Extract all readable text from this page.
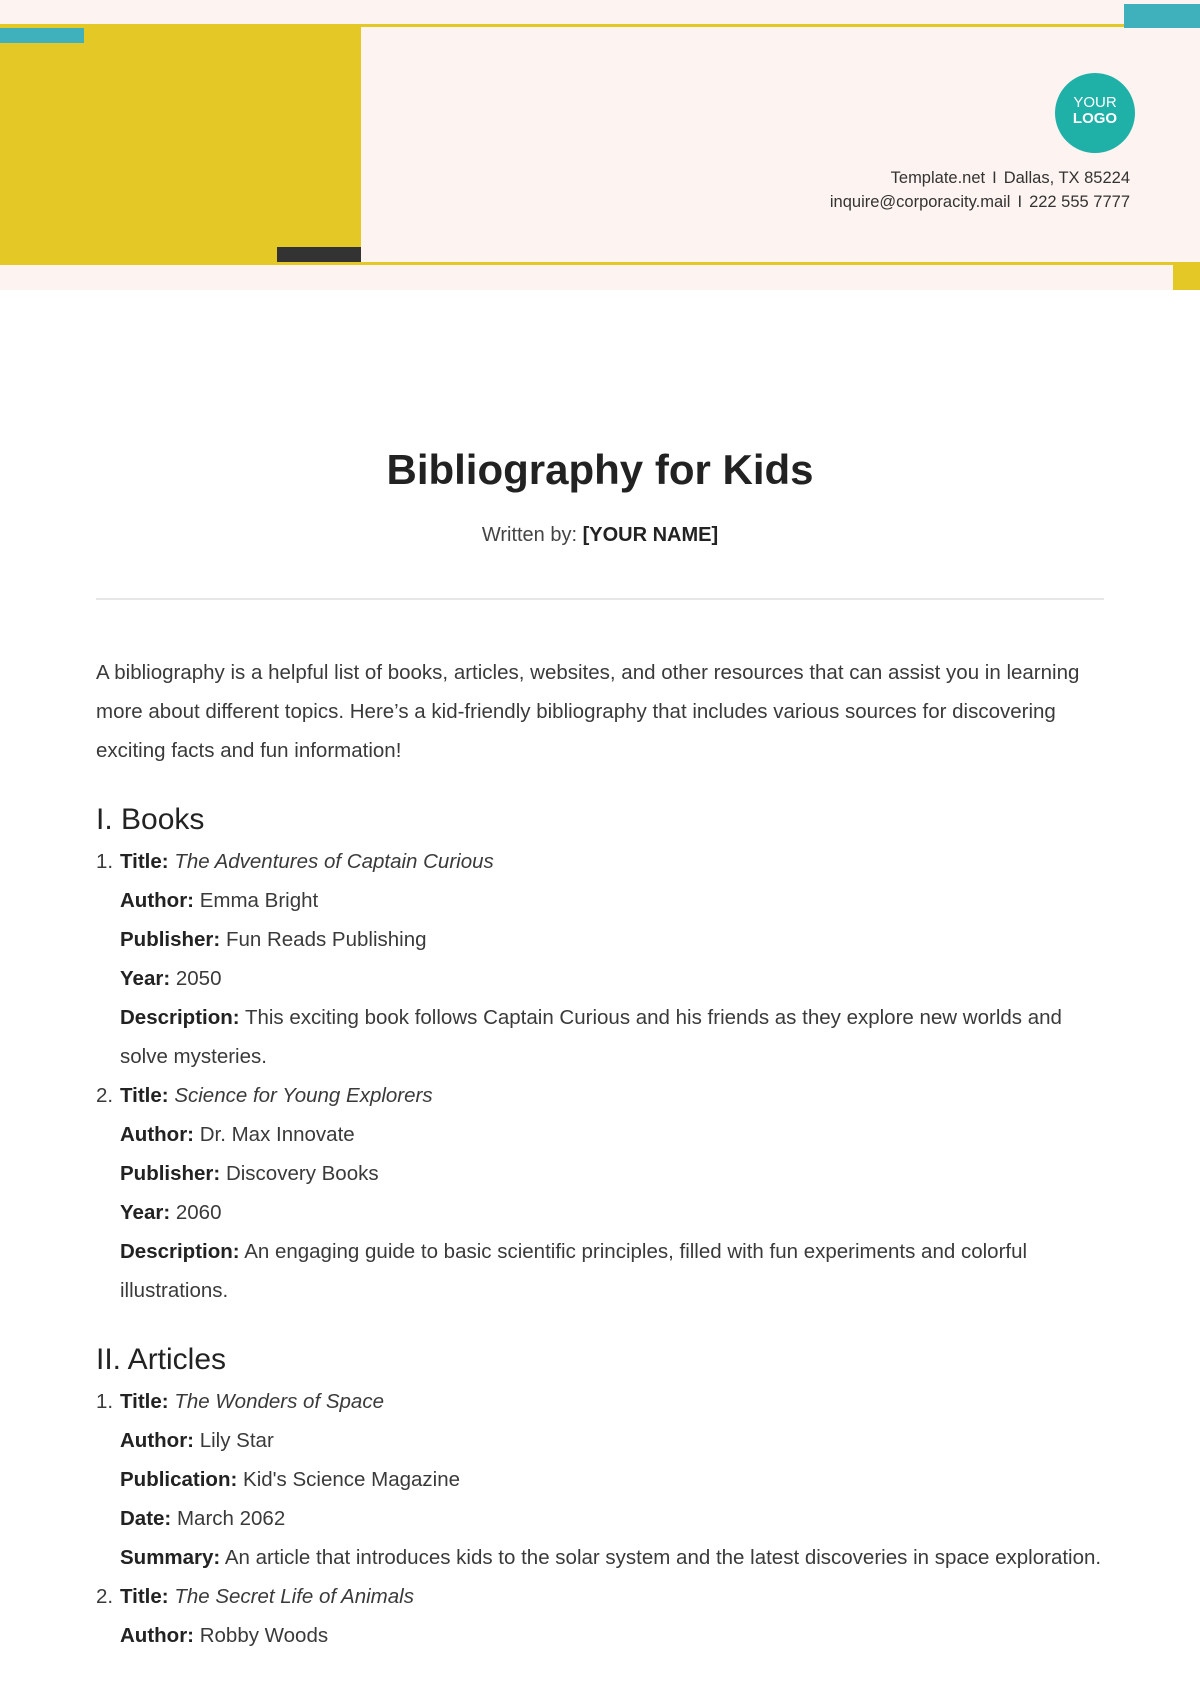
YOUR
LOGO
Template.net I Dallas, TX 85224
inquire@corporacity.mail I 222 555 7777
Bibliography for Kids
Written by: [YOUR NAME]

A bibliography is a helpful list of books, articles, websites, and other resources that can assist you in learning more about different topics. Here’s a kid-friendly bibliography that includes various sources for discovering exciting facts and fun information!

I. Books
1. Title: The Adventures of Captain Curious
Author: Emma Bright
Publisher: Fun Reads Publishing
Year: 2050
Description: This exciting book follows Captain Curious and his friends as they explore new worlds and solve mysteries.
2. Title: Science for Young Explorers
Author: Dr. Max Innovate
Publisher: Discovery Books
Year: 2060
Description: An engaging guide to basic scientific principles, filled with fun experiments and colorful illustrations.
II. Articles
1. Title: The Wonders of Space
Author: Lily Star
Publication: Kid's Science Magazine
Date: March 2062
Summary: An article that introduces kids to the solar system and the latest discoveries in space exploration.
2. Title: The Secret Life of Animals
Author: Robby Woods
